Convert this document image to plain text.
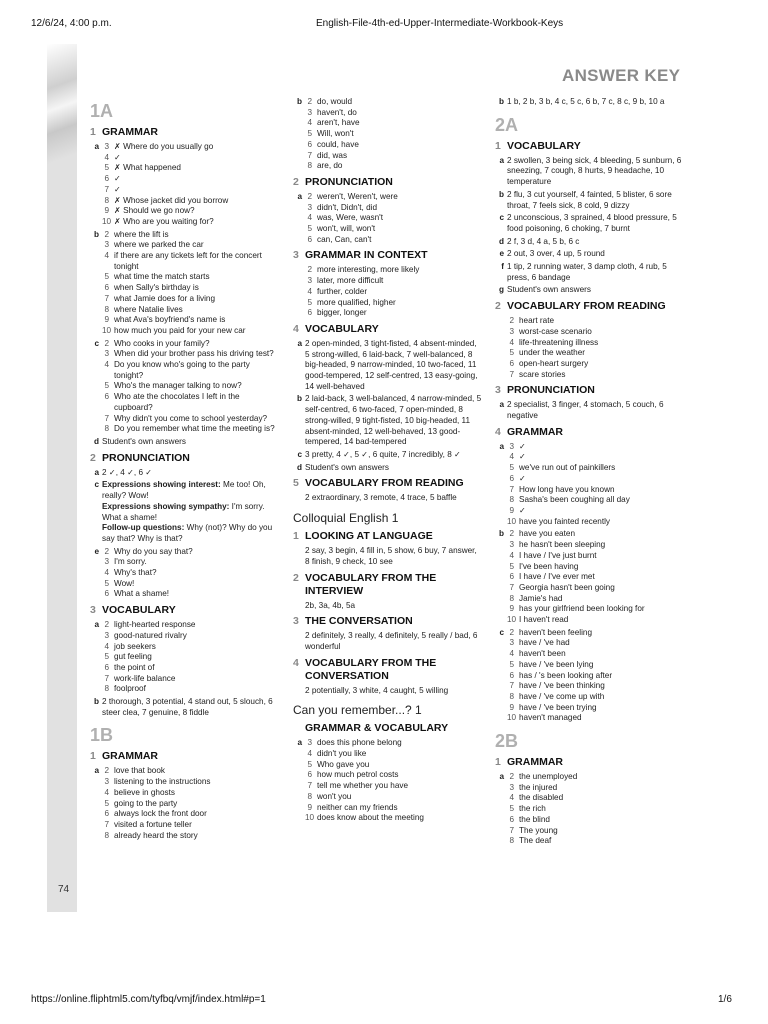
12/6/24, 4:00 p.m.	English-File-4th-ed-Upper-Intermediate-Workbook-Keys
74
ANSWER KEY
1A
1 GRAMMAR
a 3 ✗ Where do you usually go
4 ✓
5 ✗ What happened
6 ✓
7 ✓
8 ✗ Whose jacket did you borrow
9 ✗ Should we go now?
10 ✗ Who are you waiting for?
b 2 where the lift is
3 where we parked the car
4 if there are any tickets left for the concert tonight
5 what time the match starts
6 when Sally's birthday is
7 what Jamie does for a living
8 where Natalie lives
9 what Ava's boyfriend's name is
10 how much you paid for your new car
c 2 Who cooks in your family?
3 When did your brother pass his driving test?
4 Do you know who's going to the party tonight?
5 Who's the manager talking to now?
6 Who ate the chocolates I left in the cupboard?
7 Why didn't you come to school yesterday?
8 Do you remember what time the meeting is?
d Student's own answers
2 PRONUNCIATION
a 2 ✓, 4 ✓, 6 ✓
c Expressions showing interest: Me too! Oh, really? Wow!
Expressions showing sympathy: I'm sorry. What a shame!
Follow-up questions: Why (not)? Why do you say that? Why is that?
e 2 Why do you say that?
3 I'm sorry.
4 Why's that?
5 Wow!
6 What a shame!
3 VOCABULARY
a 2 light-hearted response
3 good-natured rivalry
4 job seekers
5 gut feeling
6 the point of
7 work-life balance
8 foolproof
b 2 thorough, 3 potential, 4 stand out, 5 slouch, 6 steer clea, 7 genuine, 8 fiddle
1B
1 GRAMMAR
a 2 love that book
3 listening to the instructions
4 believe in ghosts
5 going to the party
6 always lock the front door
7 visited a fortune teller
8 already heard the story
b 2 do, would
3 haven't, do
4 aren't, have
5 Will, won't
6 could, have
7 did, was
8 are, do
2 PRONUNCIATION
a 2 weren't, Weren't, were
3 didn't, Didn't, did
4 was, Were, wasn't
5 won't, will, won't
6 can, Can, can't
3 GRAMMAR IN CONTEXT
2 more interesting, more likely
3 later, more difficult
4 further, colder
5 more qualified, higher
6 bigger, longer
4 VOCABULARY
a 2 open-minded, 3 tight-fisted, 4 absent-minded, 5 strong-willed, 6 laid-back, 7 well-balanced, 8 big-headed, 9 narrow-minded, 10 two-faced, 11 good-tempered, 12 self-centred, 13 easy-going, 14 well-behaved
b 2 laid-back, 3 well-balanced, 4 narrow-minded, 5 self-centred, 6 two-faced, 7 open-minded, 8 strong-willed, 9 tight-fisted, 10 big-headed, 11 absent-minded, 12 well-behaved, 13 good-tempered, 14 bad-tempered
c 3 pretty, 4 ✓, 5 ✓, 6 quite, 7 incredibly, 8 ✓
d Student's own answers
5 VOCABULARY FROM READING
2 extraordinary, 3 remote, 4 trace, 5 baffle
Colloquial English 1
1 LOOKING AT LANGUAGE
2 say, 3 begin, 4 fill in, 5 show, 6 buy, 7 answer, 8 finish, 9 check, 10 see
2 VOCABULARY FROM THE INTERVIEW
2b, 3a, 4b, 5a
3 THE CONVERSATION
2 definitely, 3 really, 4 definitely, 5 really / bad, 6 wonderful
4 VOCABULARY FROM THE CONVERSATION
2 potentially, 3 white, 4 caught, 5 willing
Can you remember...? 1
GRAMMAR & VOCABULARY
a 3 does this phone belong
4 didn't you like
5 Who gave you
6 how much petrol costs
7 tell me whether you have
8 won't you
9 neither can my friends
10 does know about the meeting
b 1 b, 2 b, 3 b, 4 c, 5 c, 6 b, 7 c, 8 c, 9 b, 10 a
2A
1 VOCABULARY
a 2 swollen, 3 being sick, 4 bleeding, 5 sunburn, 6 sneezing, 7 cough, 8 hurts, 9 headache, 10 temperature
b 2 flu, 3 cut yourself, 4 fainted, 5 blister, 6 sore throat, 7 feels sick, 8 cold, 9 dizzy
c 2 unconscious, 3 sprained, 4 blood pressure, 5 food poisoning, 6 choking, 7 burnt
d 2 f, 3 d, 4 a, 5 b, 6 c
e 2 out, 3 over, 4 up, 5 round
f 1 tip, 2 running water, 3 damp cloth, 4 rub, 5 press, 6 bandage
g Student's own answers
2 VOCABULARY FROM READING
2 heart rate
3 worst-case scenario
4 life-threatening illness
5 under the weather
6 open-heart surgery
7 scare stories
3 PRONUNCIATION
a 2 specialist, 3 finger, 4 stomach, 5 couch, 6 negative
4 GRAMMAR
a 3 ✓
4 ✓
5 we've run out of painkillers
6 ✓
7 How long have you known
8 Sasha's been coughing all day
9 ✓
10 have you fainted recently
b 2 have you eaten
3 he hasn't been sleeping
4 I have / I've just burnt
5 I've been having
6 I have / I've ever met
7 Georgia hasn't been going
8 Jamie's had
9 has your girlfriend been looking for
10 I haven't read
c 2 haven't been feeling
3 have / 've had
4 haven't been
5 have / 've been lying
6 has / 's been looking after
7 have / 've been thinking
8 have / 've come up with
9 have / 've been trying
10 haven't managed
2B
1 GRAMMAR
a 2 the unemployed
3 the injured
4 the disabled
5 the rich
6 the blind
7 The young
8 The deaf
https://online.fliphtml5.com/tyfbq/vmjf/index.html#p=1	1/6
